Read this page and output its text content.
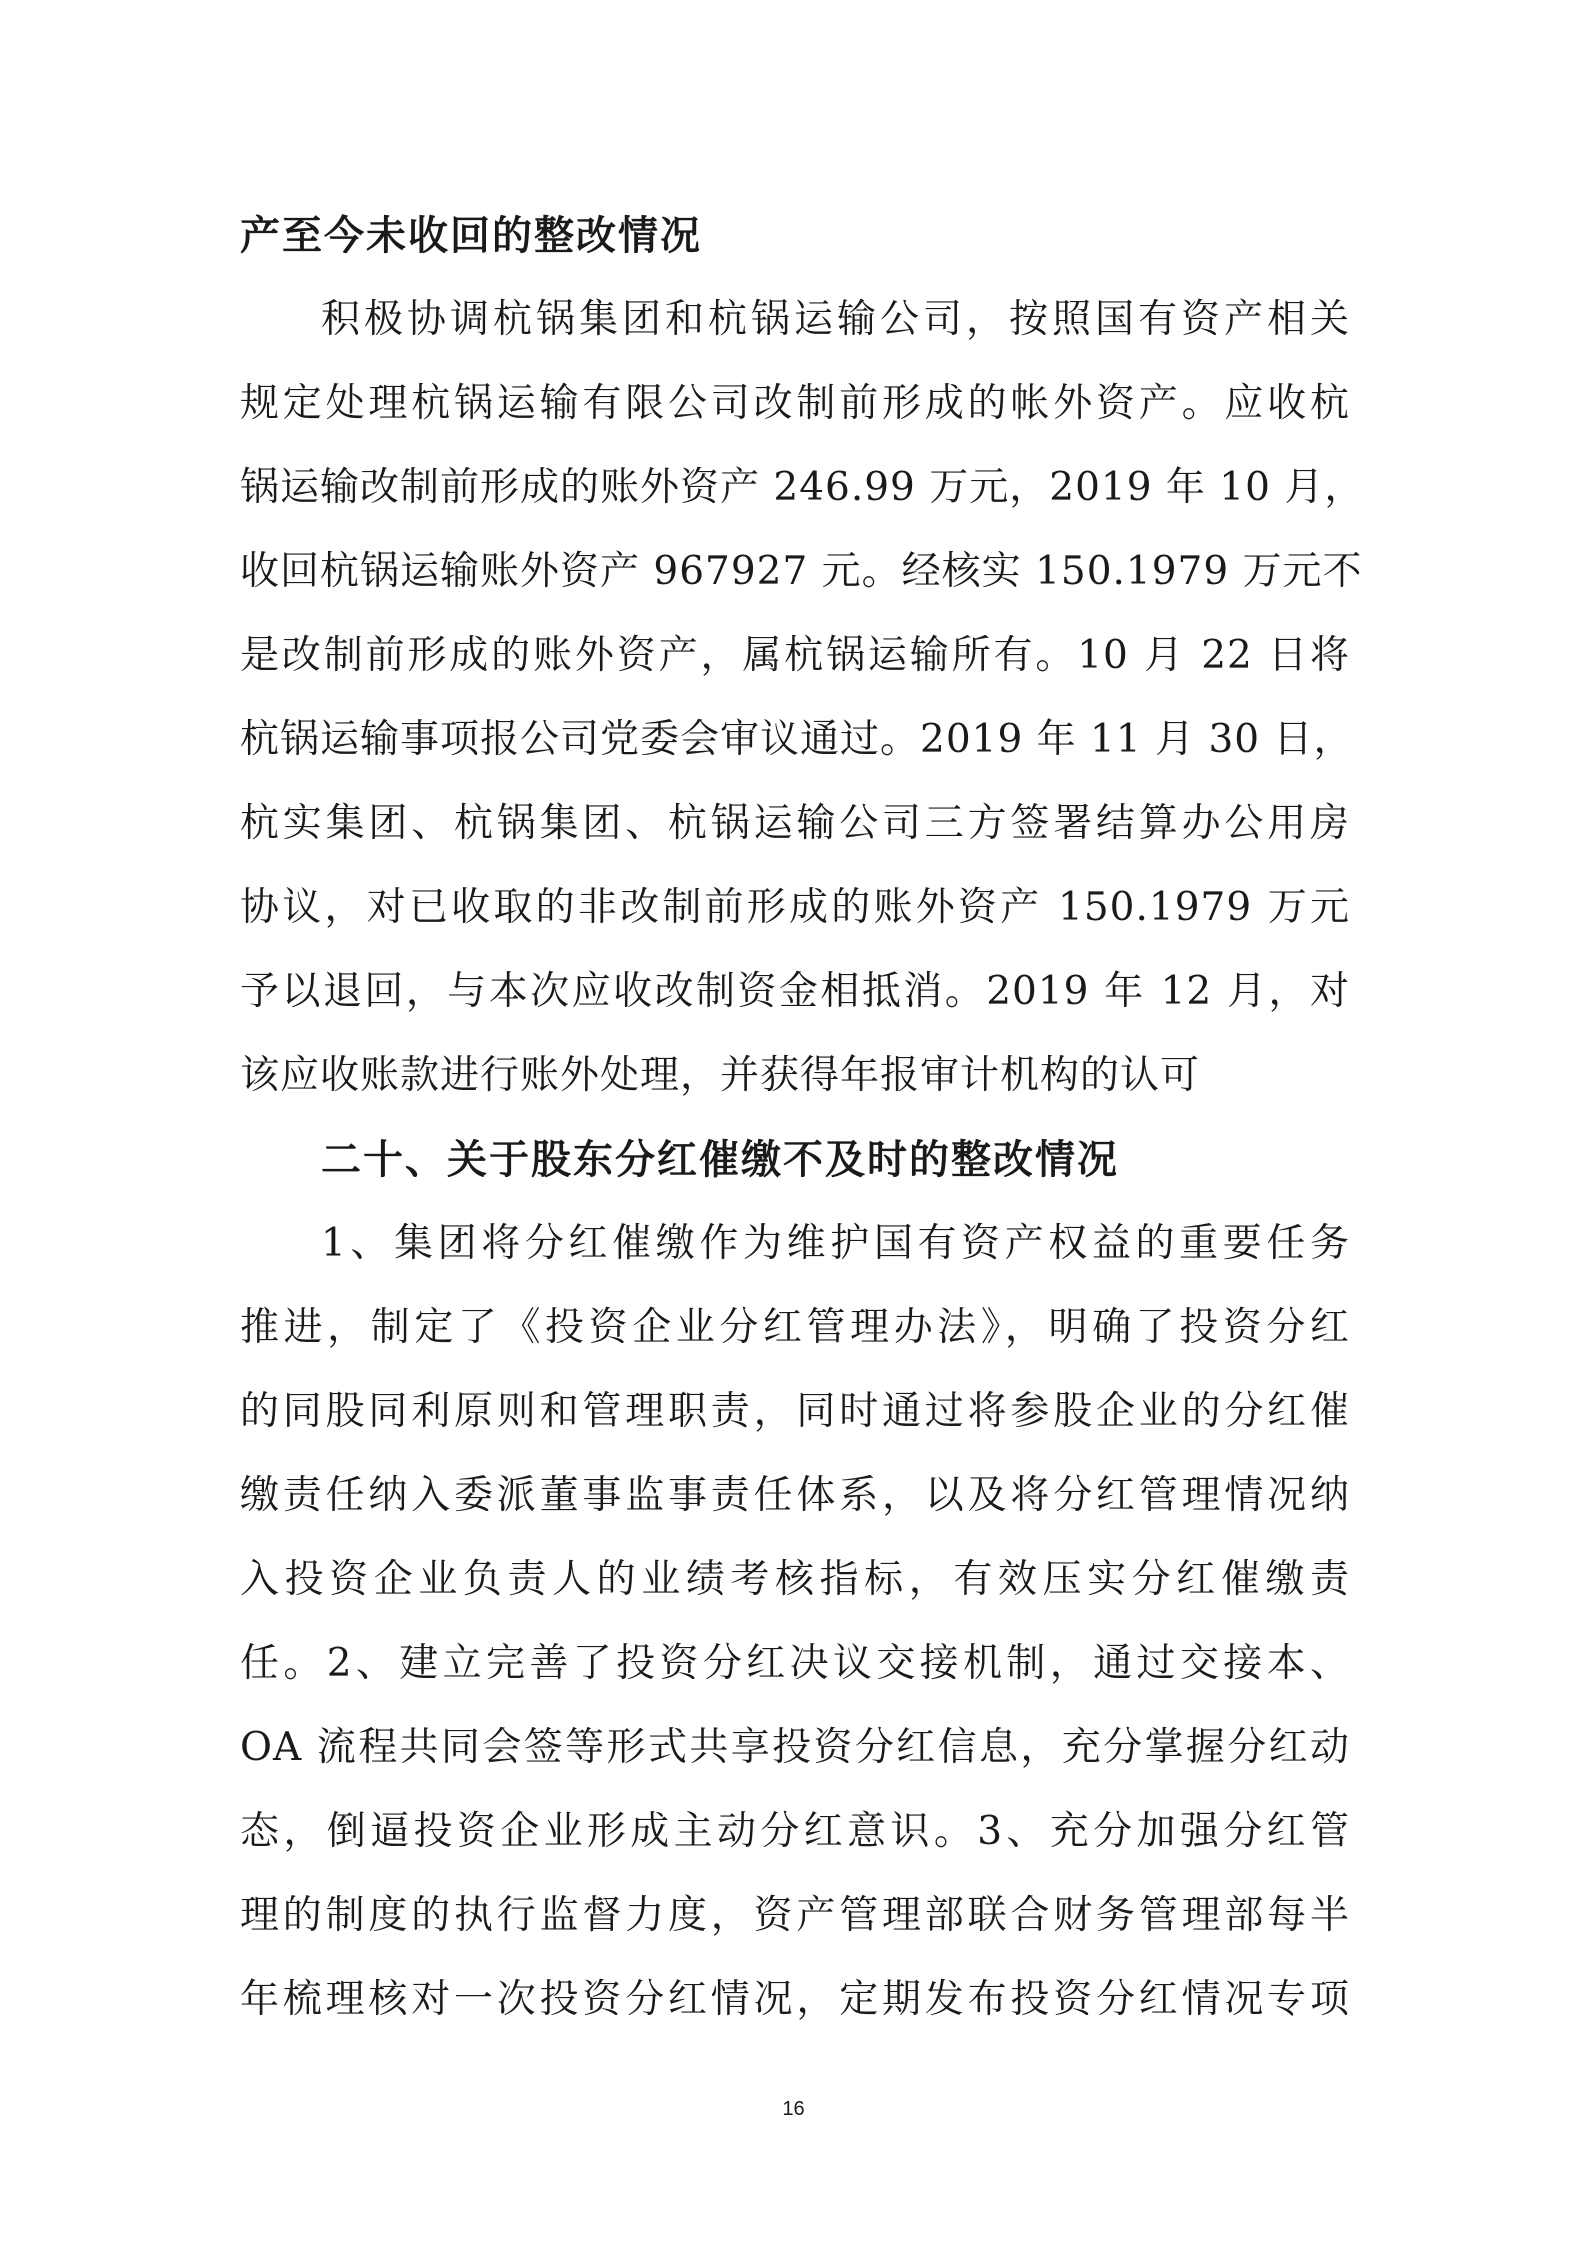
产至今未收回的整改情况
积极协调杭锅集团和杭锅运输公司，按照国有资产相关
规定处理杭锅运输有限公司改制前形成的帐外资产。应收杭
锅运输改制前形成的账外资产 246.99 万元，2019 年 10 月，
收回杭锅运输账外资产 967927 元。经核实 150.1979 万元不
是改制前形成的账外资产，属杭锅运输所有。10 月 22 日将
杭锅运输事项报公司党委会审议通过。2019 年 11 月 30 日，
杭实集团、杭锅集团、杭锅运输公司三方签署结算办公用房
协议，对已收取的非改制前形成的账外资产 150.1979 万元
予以退回，与本次应收改制资金相抵消。2019 年 12 月，对
该应收账款进行账外处理，并获得年报审计机构的认可
二十、关于股东分红催缴不及时的整改情况
1、集团将分红催缴作为维护国有资产权益的重要任务
推进，制定了《投资企业分红管理办法》，明确了投资分红
的同股同利原则和管理职责，同时通过将参股企业的分红催
缴责任纳入委派董事监事责任体系，以及将分红管理情况纳
入投资企业负责人的业绩考核指标，有效压实分红催缴责
任。2、建立完善了投资分红决议交接机制，通过交接本、
OA 流程共同会签等形式共享投资分红信息，充分掌握分红动
态，倒逼投资企业形成主动分红意识。3、充分加强分红管
理的制度的执行监督力度，资产管理部联合财务管理部每半
年梳理核对一次投资分红情况，定期发布投资分红情况专项
16
